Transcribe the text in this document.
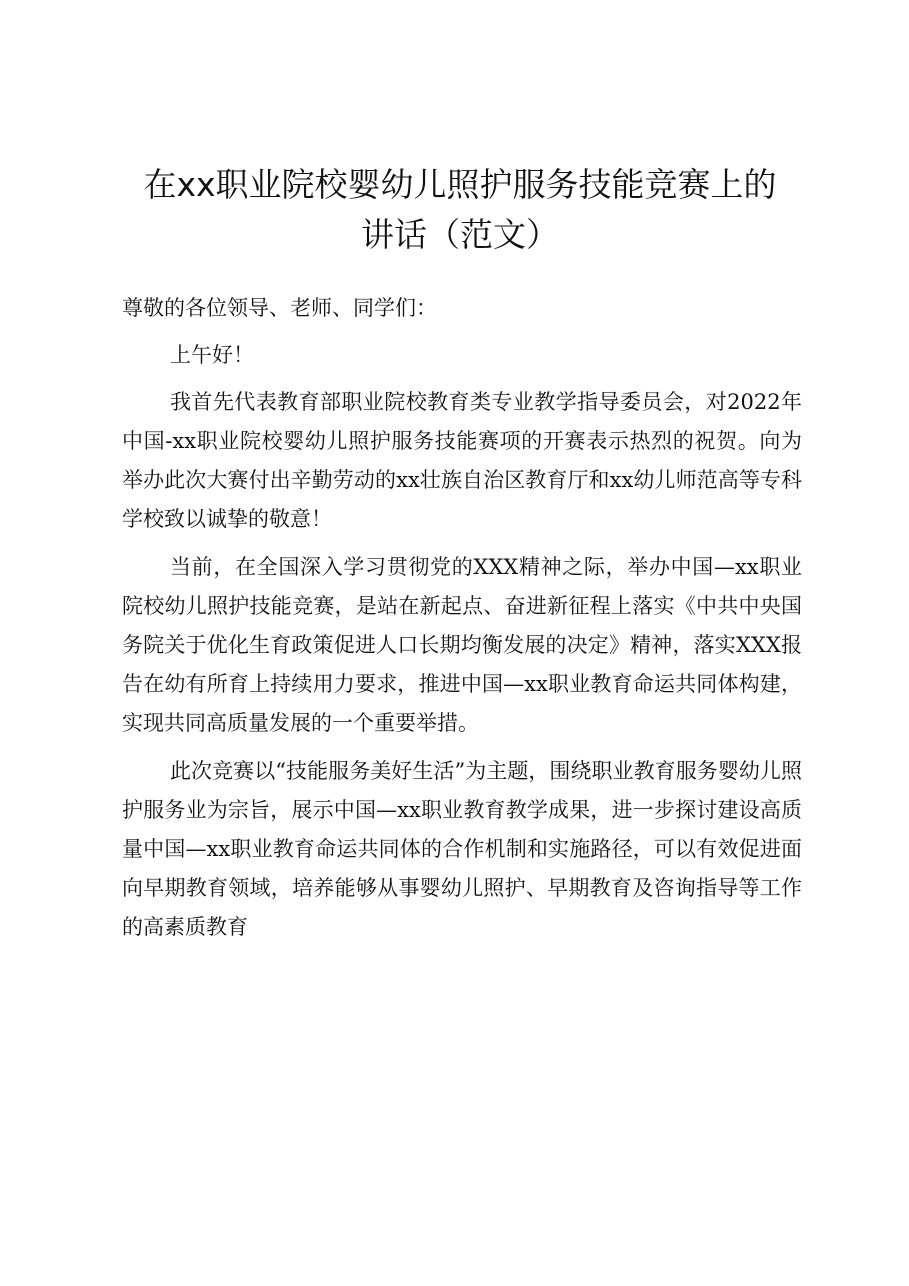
在xx职业院校婴幼儿照护服务技能竞赛上的
讲话（范文）

尊敬的各位领导、老师、同学们：

上午好！

我首先代表教育部职业院校教育类专业教学指导委员会，对2022年中国-xx职业院校婴幼儿照护服务技能赛项的开赛表示热烈的祝贺。向为举办此次大赛付出辛勤劳动的xx壮族自治区教育厅和xx幼儿师范高等专科学校致以诚挚的敬意！

当前，在全国深入学习贯彻党的XXX精神之际，举办中国—xx职业院校幼儿照护技能竞赛，是站在新起点、奋进新征程上落实《中共中央国务院关于优化生育政策促进人口长期均衡发展的决定》精神，落实XXX报告在幼有所育上持续用力要求，推进中国—xx职业教育命运共同体构建，实现共同高质量发展的一个重要举措。

此次竞赛以“技能服务美好生活”为主题，围绕职业教育服务婴幼儿照护服务业为宗旨，展示中国—xx职业教育教学成果，进一步探讨建设高质量中国—xx职业教育命运共同体的合作机制和实施路径，可以有效促进面向早期教育领域，培养能够从事婴幼儿照护、早期教育及咨询指导等工作的高素质教育
